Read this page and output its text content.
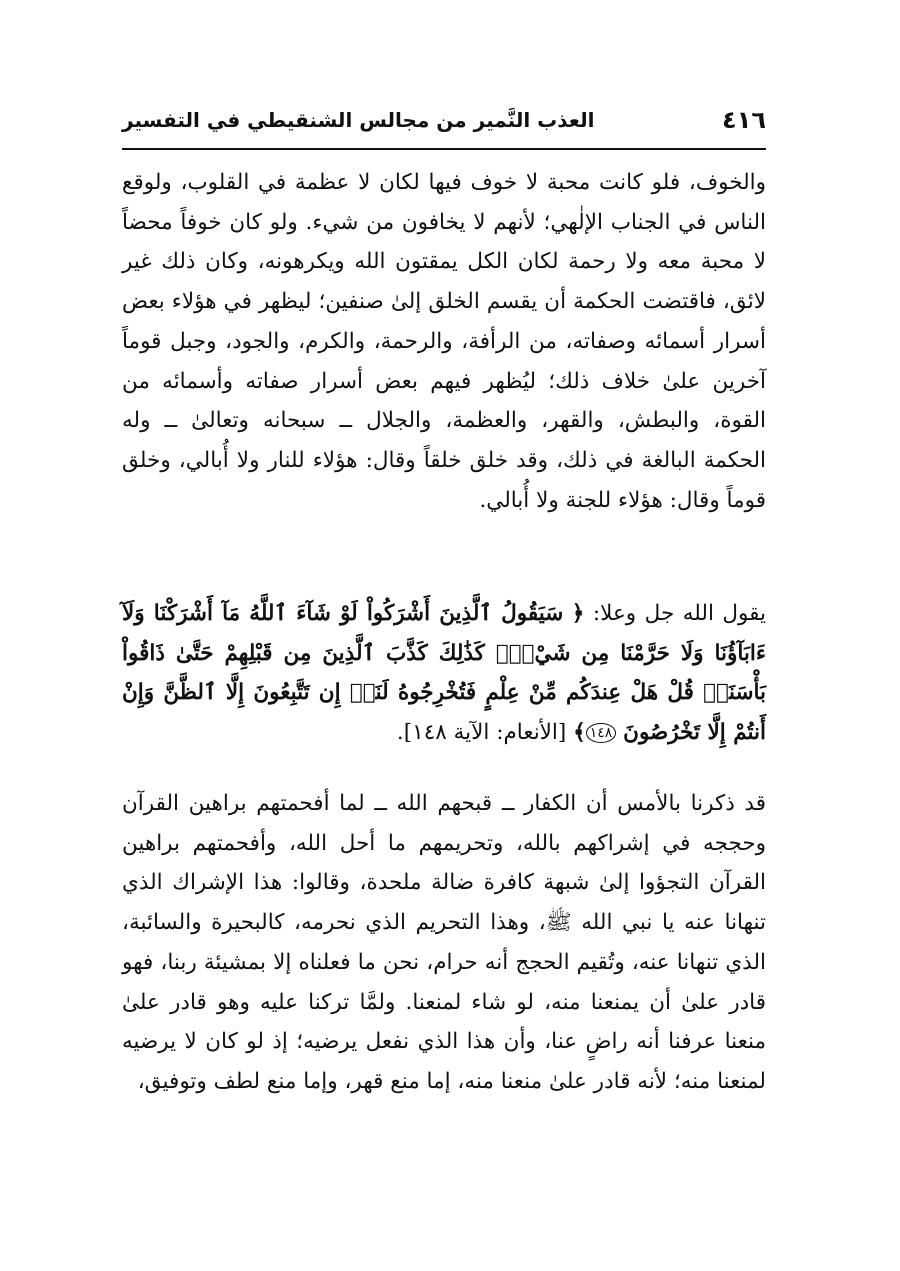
٤١٦
العذب النَّمير من مجالس الشنقيطي في التفسير

والخوف، فلو كانت محبة لا خوف فيها لكان لا عظمة في القلوب، ولوقع الناس في الجناب الإلٰهي؛ لأنهم لا يخافون من شيء. ولو كان خوفاً محضاً لا محبة معه ولا رحمة لكان الكل يمقتون الله ويكرهونه، وكان ذلك غير لائق، فاقتضت الحكمة أن يقسم الخلق إلىٰ صنفين؛ ليظهر في هؤلاء بعض أسرار أسمائه وصفاته، من الرأفة، والرحمة، والكرم، والجود، وجبل قوماً آخرين علىٰ خلاف ذلك؛ ليُظهر فيهم بعض أسرار صفاته وأسمائه من القوة، والبطش، والقهر، والعظمة، والجلال ــ سبحانه وتعالىٰ ــ وله الحكمة البالغة في ذلك، وقد خلق خلقاً وقال: هؤلاء للنار ولا أُبالي، وخلق قوماً وقال: هؤلاء للجنة ولا أُبالي.

يقول الله جل وعلا: ﴿ سَيَقُولُ ٱلَّذِينَ أَشْرَكُواْ لَوْ شَآءَ ٱللَّهُ مَآ أَشْرَكْنَا وَلَآ ءَابَآؤُنَا وَلَا حَرَّمْنَا مِن شَيْءٍۚ كَذَٰلِكَ كَذَّبَ ٱلَّذِينَ مِن قَبْلِهِمْ حَتَّىٰ ذَاقُواْ بَأْسَنَاۗ قُلْ هَلْ عِندَكُم مِّنْ عِلْمٍ فَتُخْرِجُوهُ لَنَآۖ إِن تَتَّبِعُونَ إِلَّا ٱلظَّنَّ وَإِنْ أَنتُمْ إِلَّا تَخْرُصُونَ ١٤٨﴾ [الأنعام: الآية ١٤٨].

قد ذكرنا بالأمس أن الكفار ــ قبحهم الله ــ لما أفحمتهم براهين القرآن وحججه في إشراكهم بالله، وتحريمهم ما أحل الله، وأفحمتهم براهين القرآن التجؤوا إلىٰ شبهة كافرة ضالة ملحدة، وقالوا: هذا الإشراك الذي تنهانا عنه يا نبي الله ﷺ، وهذا التحريم الذي نحرمه، كالبحيرة والسائبة، الذي تنهانا عنه، وتُقيم الحجج أنه حرام، نحن ما فعلناه إلا بمشيئة ربنا، فهو قادر علىٰ أن يمنعنا منه، لو شاء لمنعنا. ولمَّا تركنا عليه وهو قادر علىٰ منعنا عرفنا أنه راضٍ عنا، وأن هذا الذي نفعل يرضيه؛ إذ لو كان لا يرضيه لمنعنا منه؛ لأنه قادر علىٰ منعنا منه، إما منع قهر، وإما منع لطف وتوفيق،
